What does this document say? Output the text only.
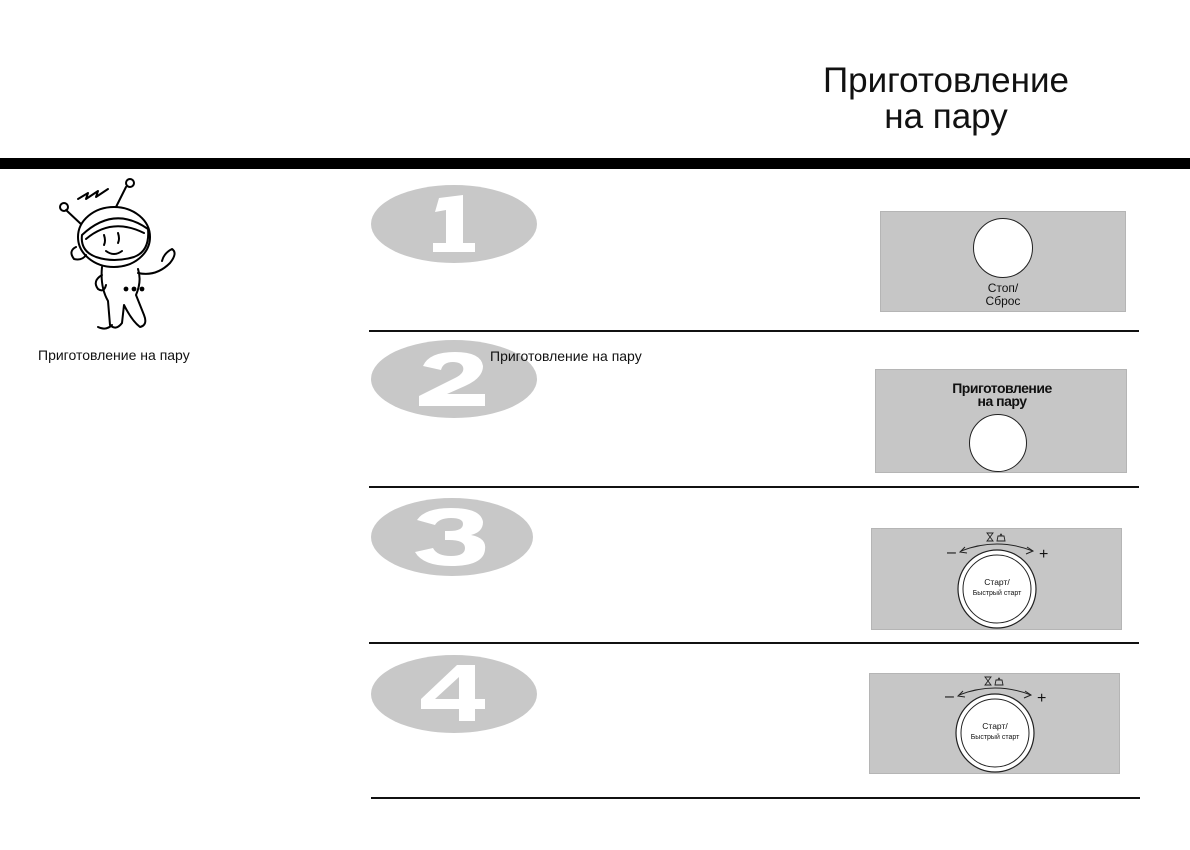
Приготовление
на пару
Приготовление на пару	Приготовление на пару
Стоп/
Сброс
Приготовление
на пару
–	+
Старт/
Быстрый старт
–	+
Старт/
Быстрый старт
